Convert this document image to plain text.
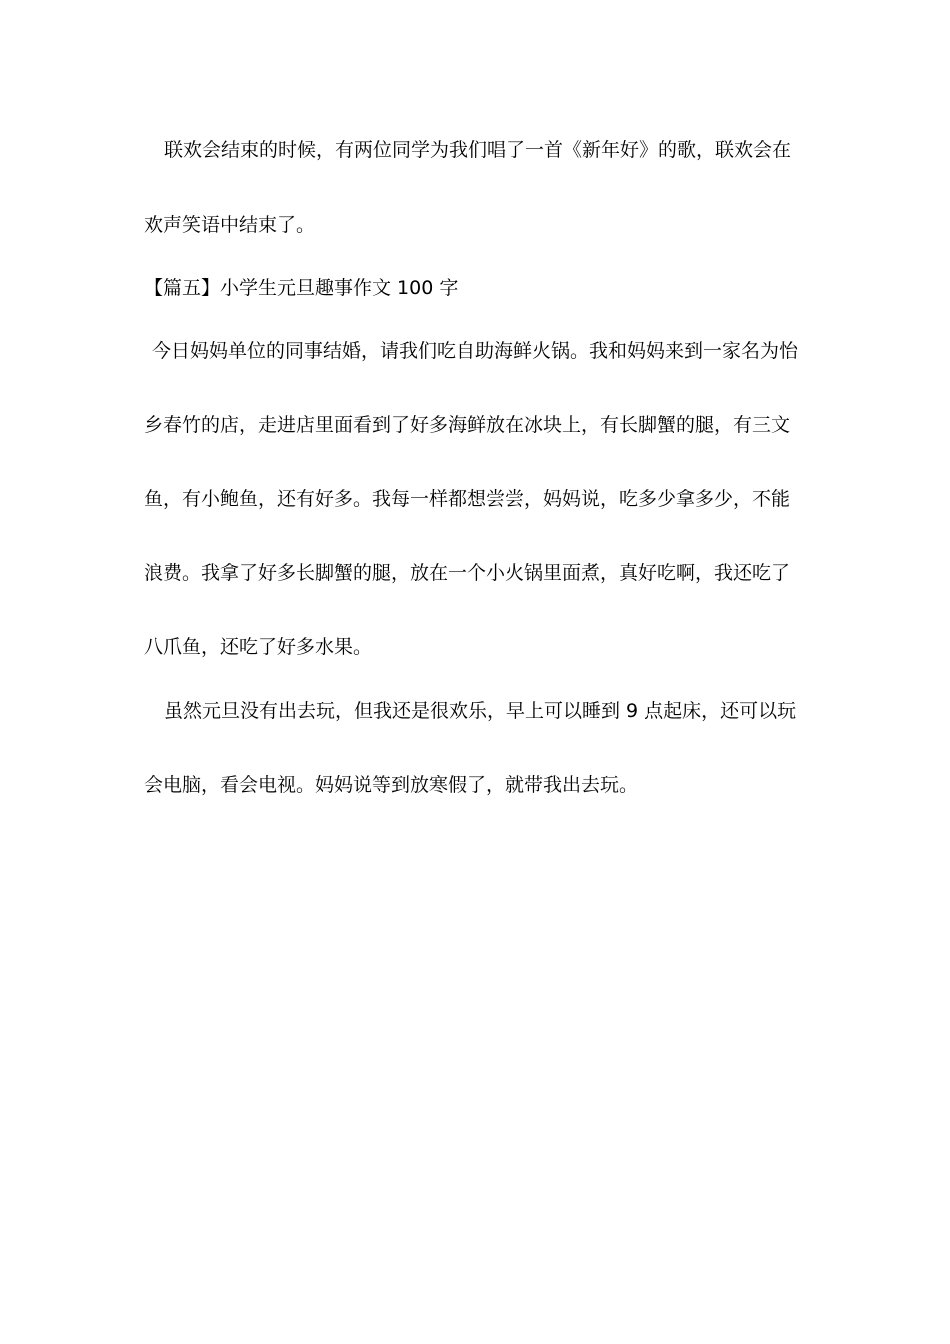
联欢会结束的时候，有两位同学为我们唱了一首《新年好》的歌，联欢会在
欢声笑语中结束了。
【篇五】小学生元旦趣事作文 100 字
今日妈妈单位的同事结婚，请我们吃自助海鲜火锅。我和妈妈来到一家名为怡
乡春竹的店，走进店里面看到了好多海鲜放在冰块上，有长脚蟹的腿，有三文
鱼，有小鲍鱼，还有好多。我每一样都想尝尝，妈妈说，吃多少拿多少，不能
浪费。我拿了好多长脚蟹的腿，放在一个小火锅里面煮，真好吃啊，我还吃了
八爪鱼，还吃了好多水果。
虽然元旦没有出去玩，但我还是很欢乐，早上可以睡到 9 点起床，还可以玩
会电脑，看会电视。妈妈说等到放寒假了，就带我出去玩。
